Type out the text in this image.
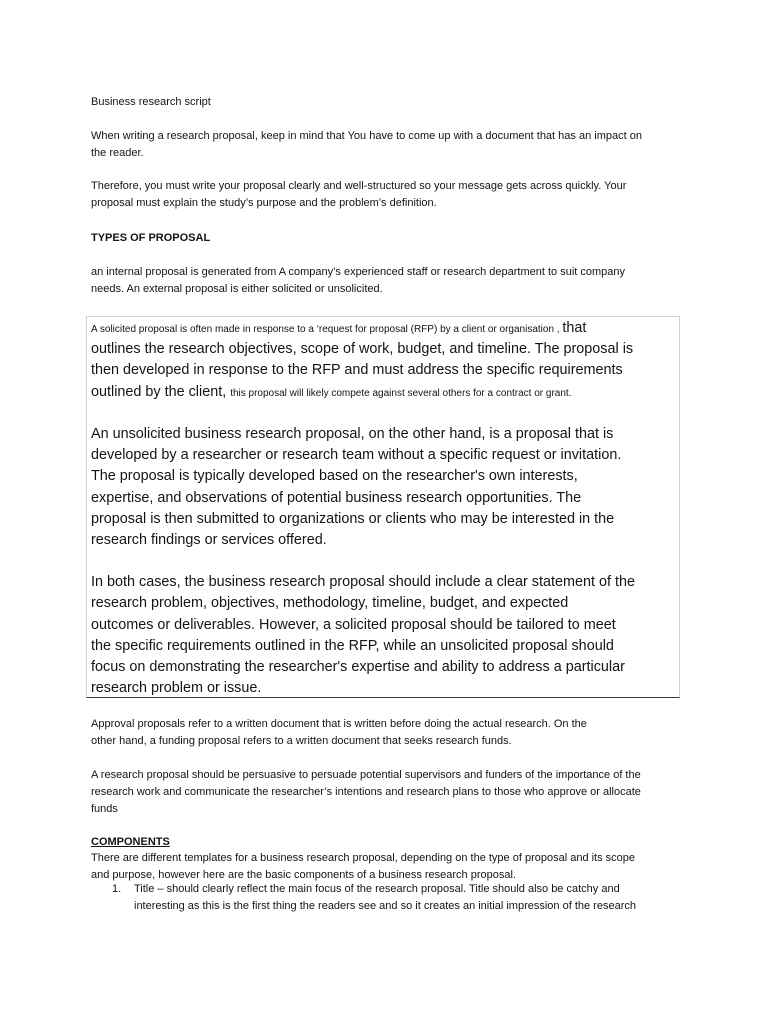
Business research script
When writing a research proposal, keep in mind that You have to come up with a document that has an impact on
the reader.
Therefore, you must write your proposal clearly and well-structured so your message gets across quickly. Your
proposal must explain the study’s purpose and the problem’s definition.
TYPES OF PROPOSAL
an internal proposal is generated from A company’s experienced staff or research department to suit company
needs. An external proposal is either solicited or unsolicited.
A solicited proposal is often made in response to a ‘request for proposal (RFP) by a client or organisation , that
outlines the research objectives, scope of work, budget, and timeline. The proposal is
then developed in response to the RFP and must address the specific requirements
outlined by the client, this proposal will likely compete against several others for a contract or grant.
An unsolicited business research proposal, on the other hand, is a proposal that is
developed by a researcher or research team without a specific request or invitation.
The proposal is typically developed based on the researcher's own interests,
expertise, and observations of potential business research opportunities. The
proposal is then submitted to organizations or clients who may be interested in the
research findings or services offered.
In both cases, the business research proposal should include a clear statement of the
research problem, objectives, methodology, timeline, budget, and expected
outcomes or deliverables. However, a solicited proposal should be tailored to meet
the specific requirements outlined in the RFP, while an unsolicited proposal should
focus on demonstrating the researcher's expertise and ability to address a particular
research problem or issue.
Approval proposals refer to a written document that is written before doing the actual research. On the
other hand, a funding proposal refers to a written document that seeks research funds.
A research proposal should be persuasive to persuade potential supervisors and funders of the importance of the
research work and communicate the researcher’s intentions and research plans to those who approve or allocate
funds
COMPONENTS
There are different templates for a business research proposal, depending on the type of proposal and its scope
and purpose, however here are the basic components of a business research proposal.
1. Title – should clearly reflect the main focus of the research proposal. Title should also be catchy and
interesting as this is the first thing the readers see and so it creates an initial impression of the research
